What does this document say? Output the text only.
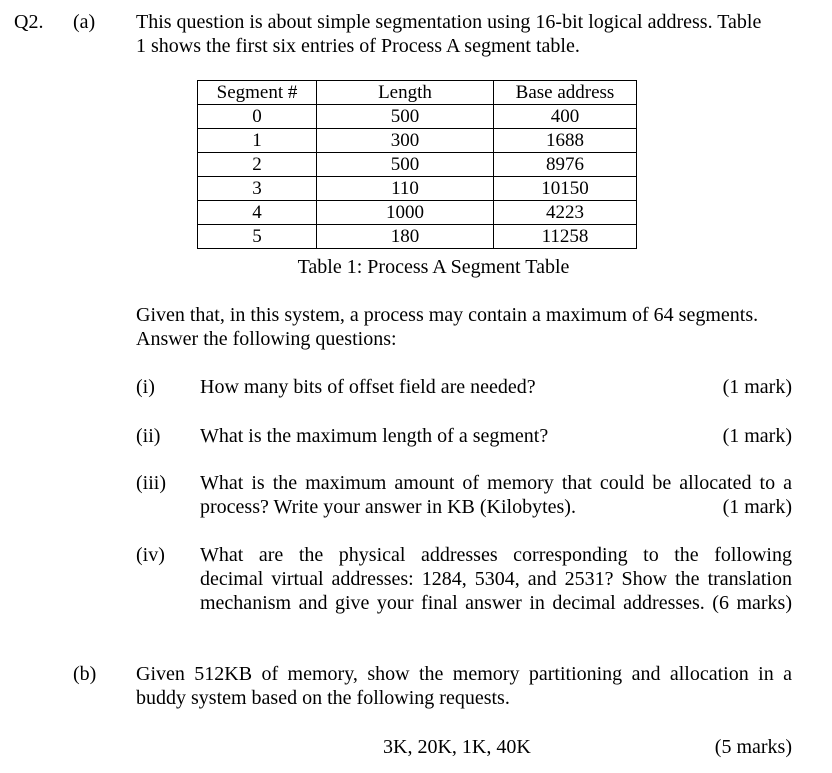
Q2. (a) This question is about simple segmentation using 16-bit logical address. Table
1 shows the first six entries of Process A segment table.
Segment #	Length	Base address
0	500	400
1	300	1688
2	500	8976
3	110	10150
4	1000	4223
5	180	11258
Table 1: Process A Segment Table
Given that, in this system, a process may contain a maximum of 64 segments.
Answer the following questions:
(i) How many bits of offset field are needed?	(1 mark)
(ii) What is the maximum length of a segment?	(1 mark)
(iii) What is the maximum amount of memory that could be allocated to a
process? Write your answer in KB (Kilobytes).	(1 mark)
(iv) What are the physical addresses corresponding to the following
decimal virtual addresses: 1284, 5304, and 2531? Show the translation
mechanism and give your final answer in decimal addresses. (6 marks)
(b) Given 512KB of memory, show the memory partitioning and allocation in a
buddy system based on the following requests.
3K, 20K, 1K, 40K	(5 marks)
